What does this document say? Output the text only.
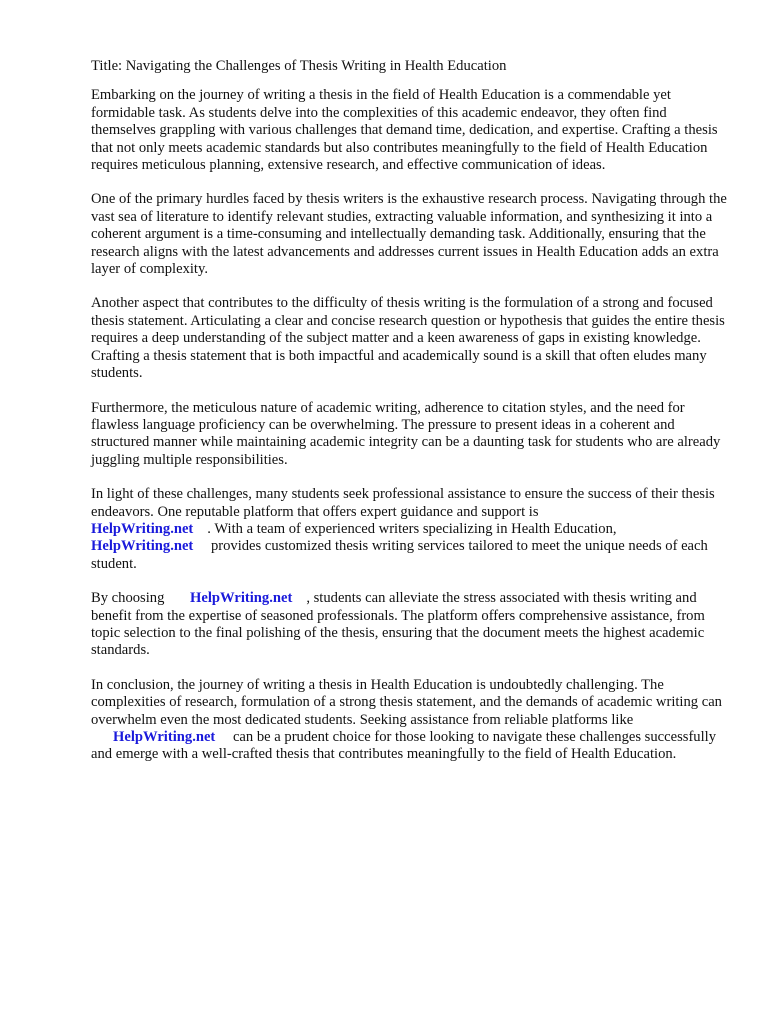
Title: Navigating the Challenges of Thesis Writing in Health Education

Embarking on the journey of writing a thesis in the field of Health Education is a commendable yet formidable task. As students delve into the complexities of this academic endeavor, they often find themselves grappling with various challenges that demand time, dedication, and expertise. Crafting a thesis that not only meets academic standards but also contributes meaningfully to the field of Health Education requires meticulous planning, extensive research, and effective communication of ideas.

One of the primary hurdles faced by thesis writers is the exhaustive research process. Navigating through the vast sea of literature to identify relevant studies, extracting valuable information, and synthesizing it into a coherent argument is a time-consuming and intellectually demanding task. Additionally, ensuring that the research aligns with the latest advancements and addresses current issues in Health Education adds an extra layer of complexity.

Another aspect that contributes to the difficulty of thesis writing is the formulation of a strong and focused thesis statement. Articulating a clear and concise research question or hypothesis that guides the entire thesis requires a deep understanding of the subject matter and a keen awareness of gaps in existing knowledge. Crafting a thesis statement that is both impactful and academically sound is a skill that often eludes many students.

Furthermore, the meticulous nature of academic writing, adherence to citation styles, and the need for flawless language proficiency can be overwhelming. The pressure to present ideas in a coherent and structured manner while maintaining academic integrity can be a daunting task for students who are already juggling multiple responsibilities.

In light of these challenges, many students seek professional assistance to ensure the success of their thesis endeavors. One reputable platform that offers expert guidance and support is
HelpWriting.net . With a team of experienced writers specializing in Health Education,
HelpWriting.net provides customized thesis writing services tailored to meet the unique needs of each student.

By choosing HelpWriting.net , students can alleviate the stress associated with thesis writing and benefit from the expertise of seasoned professionals. The platform offers comprehensive assistance, from topic selection to the final polishing of the thesis, ensuring that the document meets the highest academic standards.

In conclusion, the journey of writing a thesis in Health Education is undoubtedly challenging. The complexities of research, formulation of a strong thesis statement, and the demands of academic writing can overwhelm even the most dedicated students. Seeking assistance from reliable platforms like HelpWriting.net can be a prudent choice for those looking to navigate these challenges successfully and emerge with a well-crafted thesis that contributes meaningfully to the field of Health Education.
